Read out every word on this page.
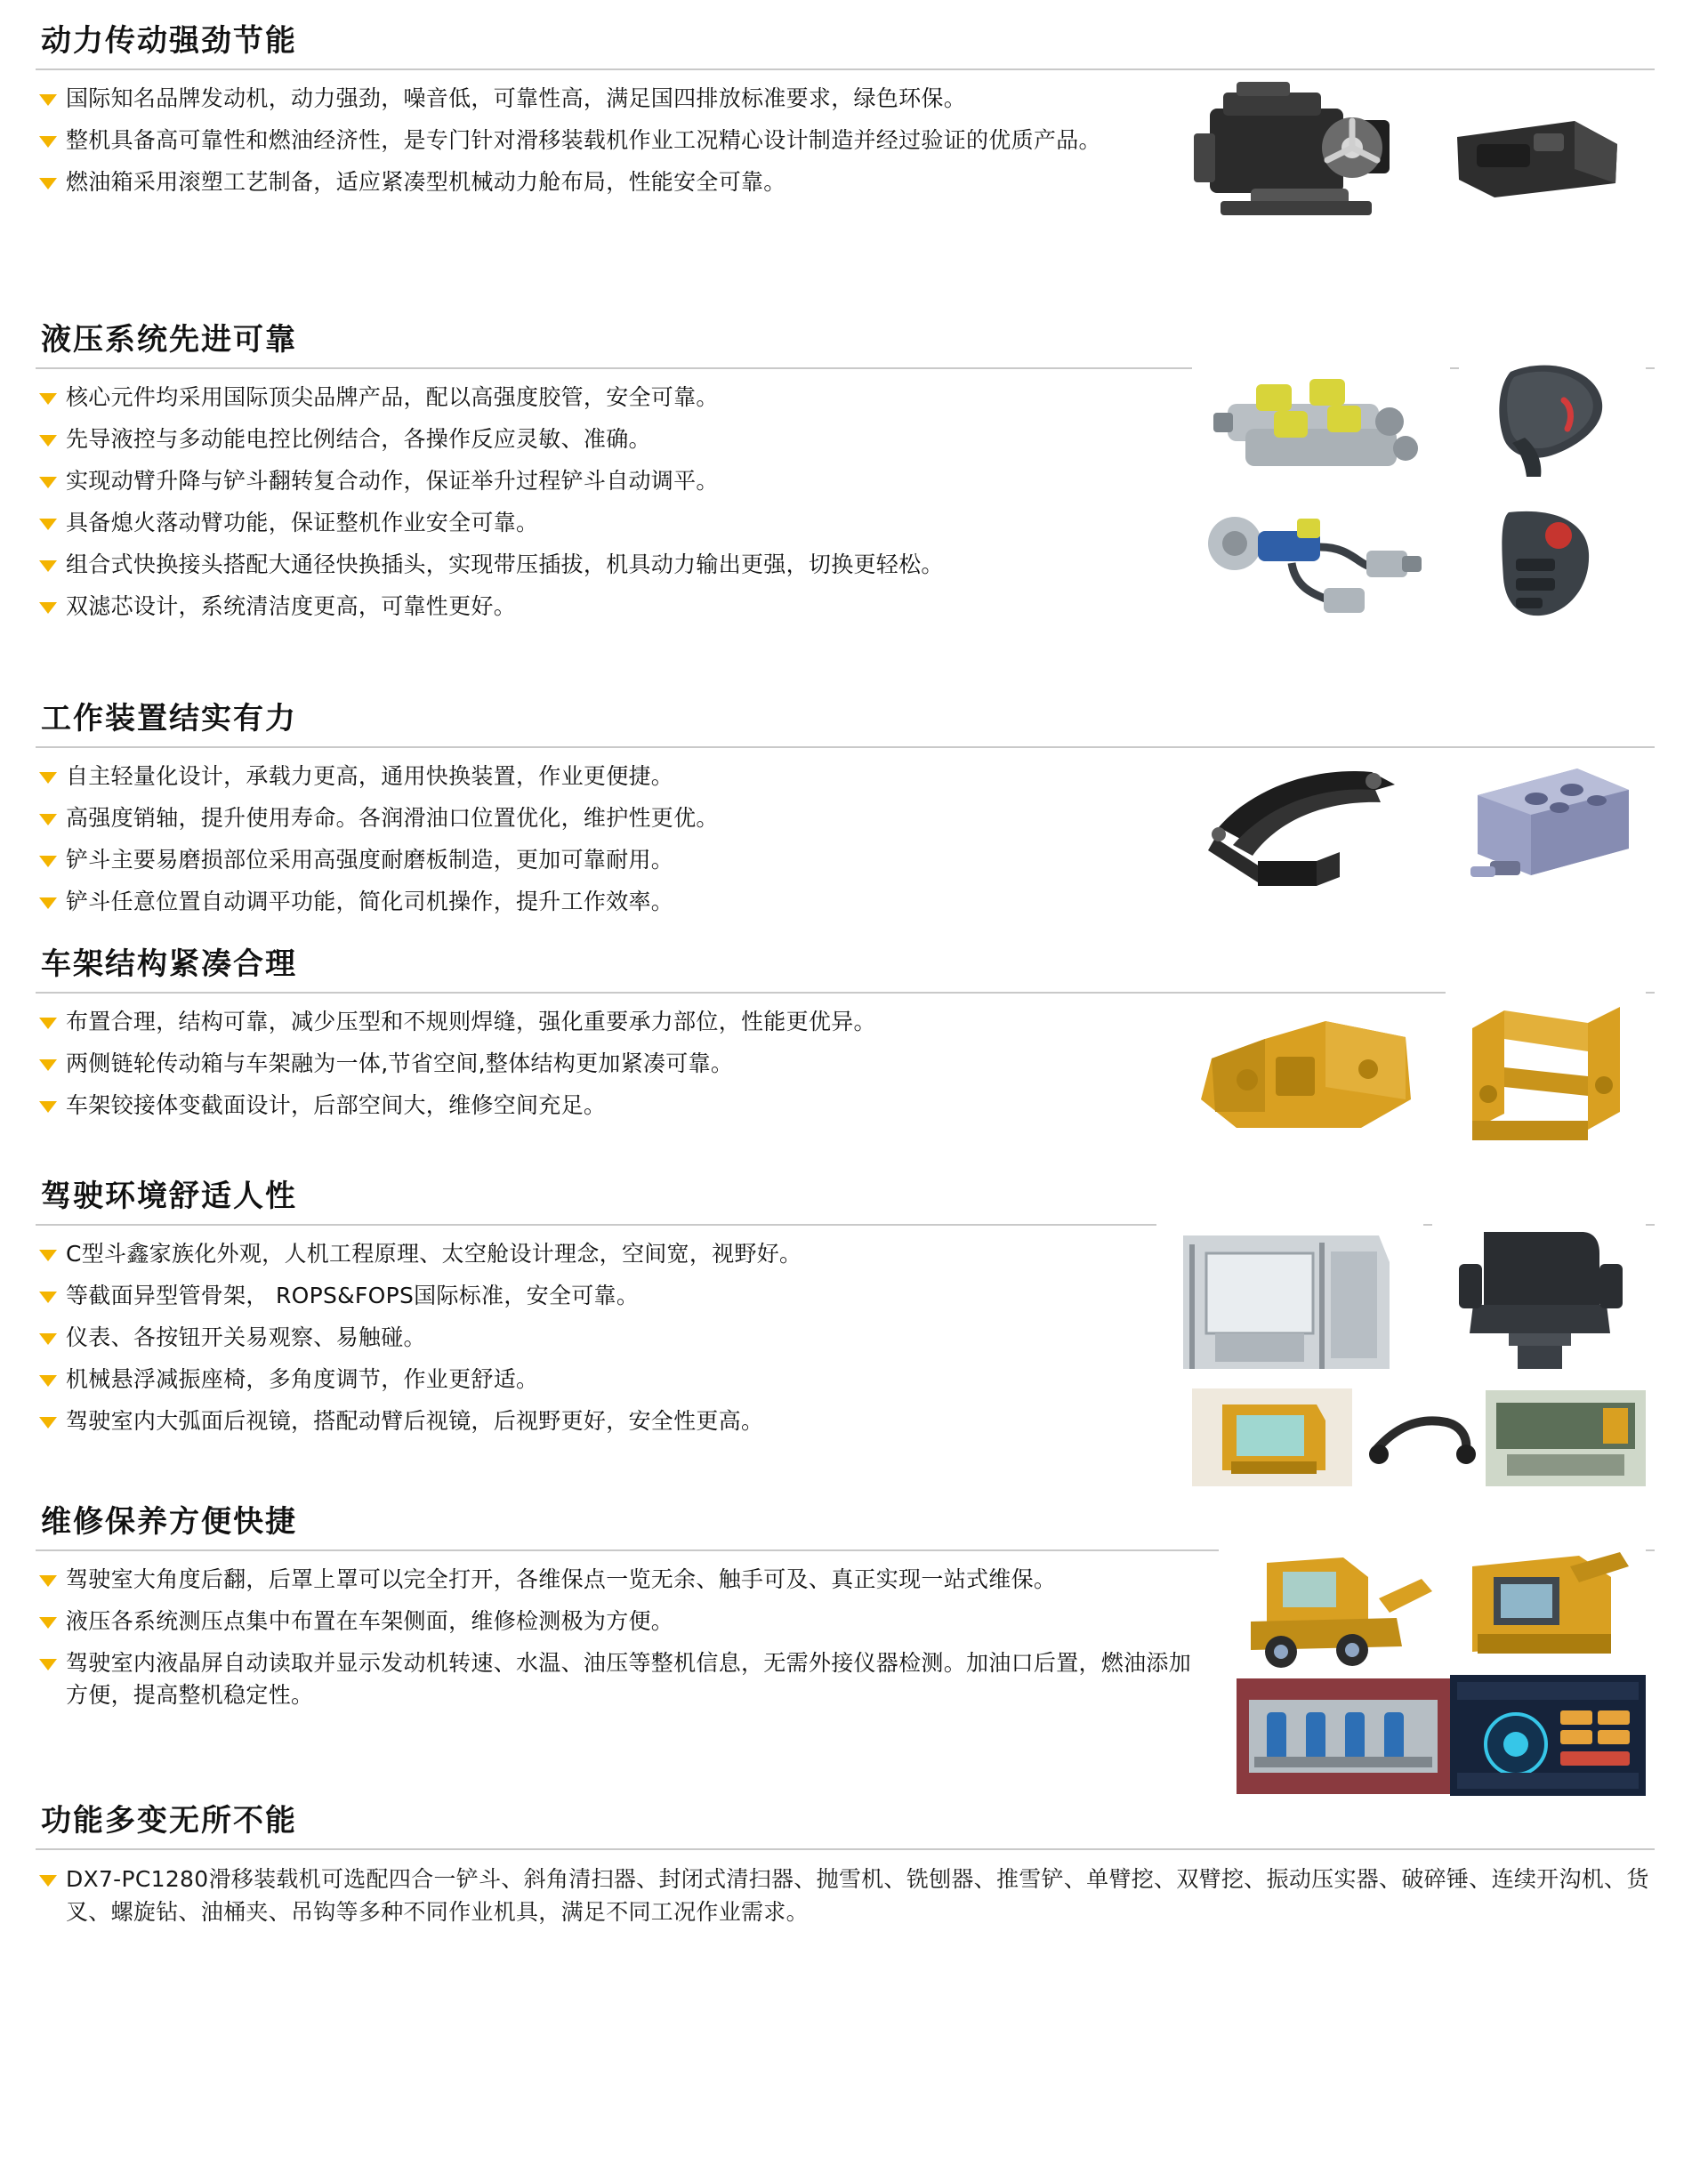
动力传动强劲节能
国际知名品牌发动机，动力强劲，噪音低，可靠性高，满足国四排放标准要求，绿色环保。
整机具备高可靠性和燃油经济性，是专门针对滑移装载机作业工况精心设计制造并经过验证的优质产品。
燃油箱采用滚塑工艺制备，适应紧凑型机械动力舱布局，性能安全可靠。
液压系统先进可靠
核心元件均采用国际顶尖品牌产品，配以高强度胶管，安全可靠。
先导液控与多动能电控比例结合，各操作反应灵敏、准确。
实现动臂升降与铲斗翻转复合动作，保证举升过程铲斗自动调平。
具备熄火落动臂功能，保证整机作业安全可靠。
组合式快换接头搭配大通径快换插头，实现带压插拔，机具动力输出更强，切换更轻松。
双滤芯设计，系统清洁度更高，可靠性更好。
工作装置结实有力
自主轻量化设计，承载力更高，通用快换装置，作业更便捷。
高强度销轴，提升使用寿命。各润滑油口位置优化，维护性更优。
铲斗主要易磨损部位采用高强度耐磨板制造，更加可靠耐用。
铲斗任意位置自动调平功能，简化司机操作，提升工作效率。
车架结构紧凑合理
布置合理，结构可靠，减少压型和不规则焊缝，强化重要承力部位，性能更优异。
两侧链轮传动箱与车架融为一体,节省空间,整体结构更加紧凑可靠。
车架铰接体变截面设计，后部空间大，维修空间充足。
驾驶环境舒适人性
C型斗鑫家族化外观，人机工程原理、太空舱设计理念，空间宽，视野好。
等截面异型管骨架， ROPS&FOPS国际标准，安全可靠。
仪表、各按钮开关易观察、易触碰。
机械悬浮减振座椅，多角度调节，作业更舒适。
驾驶室内大弧面后视镜，搭配动臂后视镜，后视野更好，安全性更高。
维修保养方便快捷
驾驶室大角度后翻，后罩上罩可以完全打开，各维保点一览无余、触手可及、真正实现一站式维保。
液压各系统测压点集中布置在车架侧面，维修检测极为方便。
驾驶室内液晶屏自动读取并显示发动机转速、水温、油压等整机信息，无需外接仪器检测。加油口后置，燃油添加方便，提高整机稳定性。
功能多变无所不能
DX7-PC1280滑移装载机可选配四合一铲斗、斜角清扫器、封闭式清扫器、抛雪机、铣刨器、推雪铲、单臂挖、双臂挖、振动压实器、破碎锤、连续开沟机、货叉、螺旋钻、油桶夹、吊钩等多种不同作业机具，满足不同工况作业需求。
